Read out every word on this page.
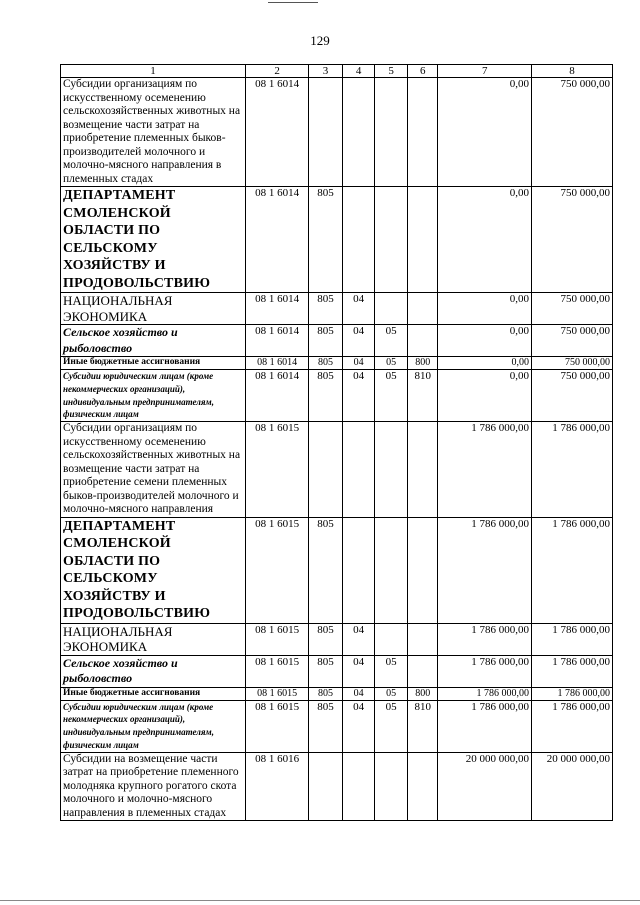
129
1	2	3	4	5	6	7	8
Субсидии организациям по искусственному осеменению сельскохозяйственных животных на возмещение части затрат на приобретение племенных быков-производителей молочного и молочно-мясного направления в племенных стадах	08 1 6014					0,00	750 000,00
ДЕПАРТАМЕНТ СМОЛЕНСКОЙ ОБЛАСТИ ПО СЕЛЬСКОМУ ХОЗЯЙСТВУ И ПРОДОВОЛЬСТВИЮ	08 1 6014	805				0,00	750 000,00
НАЦИОНАЛЬНАЯ ЭКОНОМИКА	08 1 6014	805	04			0,00	750 000,00
Сельское хозяйство и рыболовство	08 1 6014	805	04	05		0,00	750 000,00
Иные бюджетные ассигнования	08 1 6014	805	04	05	800	0,00	750 000,00
Субсидии юридическим лицам (кроме некоммерческих организаций), индивидуальным предпринимателям, физическим лицам	08 1 6014	805	04	05	810	0,00	750 000,00
Субсидии организациям по искусственному осеменению сельскохозяйственных животных на возмещение части затрат на приобретение семени племенных быков-производителей молочного и молочно-мясного направления	08 1 6015					1 786 000,00	1 786 000,00
ДЕПАРТАМЕНТ СМОЛЕНСКОЙ ОБЛАСТИ ПО СЕЛЬСКОМУ ХОЗЯЙСТВУ И ПРОДОВОЛЬСТВИЮ	08 1 6015	805				1 786 000,00	1 786 000,00
НАЦИОНАЛЬНАЯ ЭКОНОМИКА	08 1 6015	805	04			1 786 000,00	1 786 000,00
Сельское хозяйство и рыболовство	08 1 6015	805	04	05		1 786 000,00	1 786 000,00
Иные бюджетные ассигнования	08 1 6015	805	04	05	800	1 786 000,00	1 786 000,00
Субсидии юридическим лицам (кроме некоммерческих организаций), индивидуальным предпринимателям, физическим лицам	08 1 6015	805	04	05	810	1 786 000,00	1 786 000,00
Субсидии на возмещение части затрат на приобретение племенного молодняка крупного рогатого скота молочного и молочно-мясного направления в племенных стадах	08 1 6016					20 000 000,00	20 000 000,00
